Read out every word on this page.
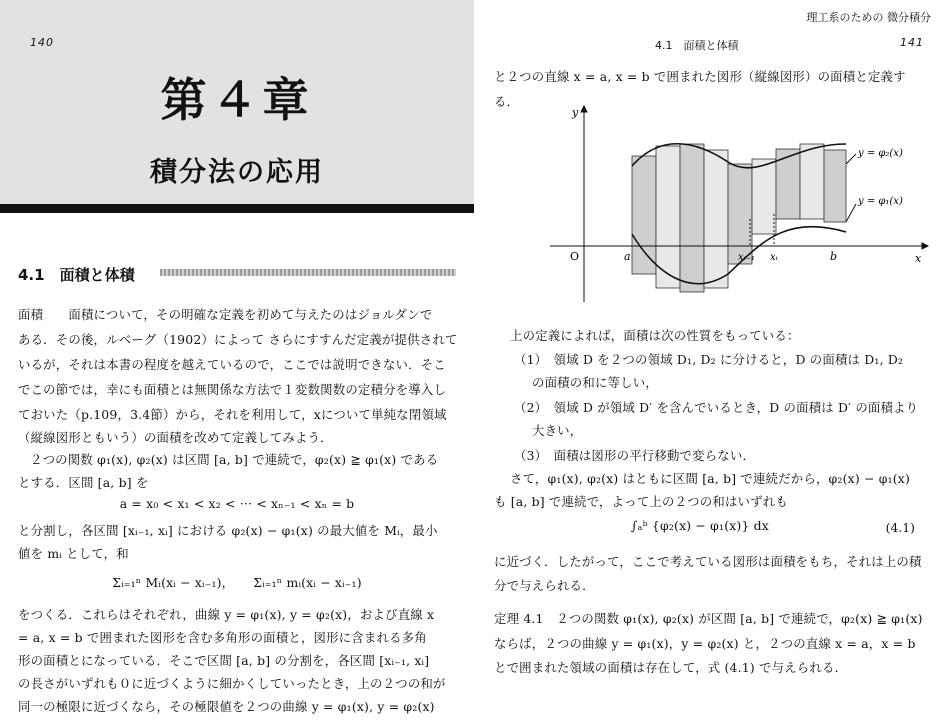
140
第４章
積分法の応用
4.1　面積と体積
面積　　面積について，その明確な定義を初めて与えたのはジョルダンで
ある．その後，ルベーグ（1902）によって さらにすすんだ定義が提供されて
いるが，それは本書の程度を越えているので，ここでは説明できない．そこ
でこの節では，幸にも面積とは無関係な方法で１変数関数の定積分を導入し
ておいた（p.109，3.4節）から，それを利用して，xについて単純な閉領域
（縦線図形ともいう）の面積を改めて定義してみよう．
２つの関数 φ₁(x), φ₂(x) は区間 [a, b] で連続で，φ₂(x) ≧ φ₁(x) である
とする．区間 [a, b] を
a = x₀ < x₁ < x₂ < ··· < xₙ₋₁ < xₙ = b
と分割し，各区間 [xᵢ₋₁, xᵢ] における φ₂(x) − φ₁(x) の最大値を Mᵢ，最小
値を mᵢ として，和
Σᵢ₌₁ⁿ Mᵢ(xᵢ − xᵢ₋₁)，　　Σᵢ₌₁ⁿ mᵢ(xᵢ − xᵢ₋₁)
をつくる．これらはそれぞれ，曲線 y = φ₁(x), y = φ₂(x)，および直線 x
= a, x = b で囲まれた図形を含む多角形の面積と，図形に含まれる多角
形の面積とになっている．そこで区間 [a, b] の分割を，各区間 [xᵢ₋₁, xᵢ]
の長さがいずれも０に近づくように細かくしていったとき，上の２つの和が
同一の極限に近づくなら，その極限値を２つの曲線 y = φ₁(x), y = φ₂(x)
理工系のための 微分積分
4.1　面積と体積	141
と２つの直線 x = a, x = b で囲まれた図形（縦線図形）の面積と定義す
る．
y
x
O	a	xᵢ₋₁ xᵢ	b
y = φ₂(x)
y = φ₁(x)
上の定義によれば，面積は次の性質をもっている：
（1）　領域 D を２つの領域 D₁, D₂ に分けると，D の面積は D₁, D₂
の面積の和に等しい，
（2）　領域 D が領域 D′ を含んでいるとき，D の面積は D′ の面積より
大きい，
（3）　面積は図形の平行移動で変らない．
さて，φ₁(x), φ₂(x) はともに区間 [a, b] で連続だから，φ₂(x) − φ₁(x)
も [a, b] で連続で，よって上の２つの和はいずれも
∫ₐᵇ {φ₂(x) − φ₁(x)} dx	(4.1)
に近づく．したがって，ここで考えている図形は面積をもち，それは上の積
分で与えられる．
定理 4.1　２つの関数 φ₁(x), φ₂(x) が区間 [a, b] で連続で，φ₂(x) ≧ φ₁(x)
ならば，２つの曲線 y = φ₁(x)，y = φ₂(x) と，２つの直線 x = a，x = b
とで囲まれた領域の面積は存在して，式 (4.1) で与えられる．
